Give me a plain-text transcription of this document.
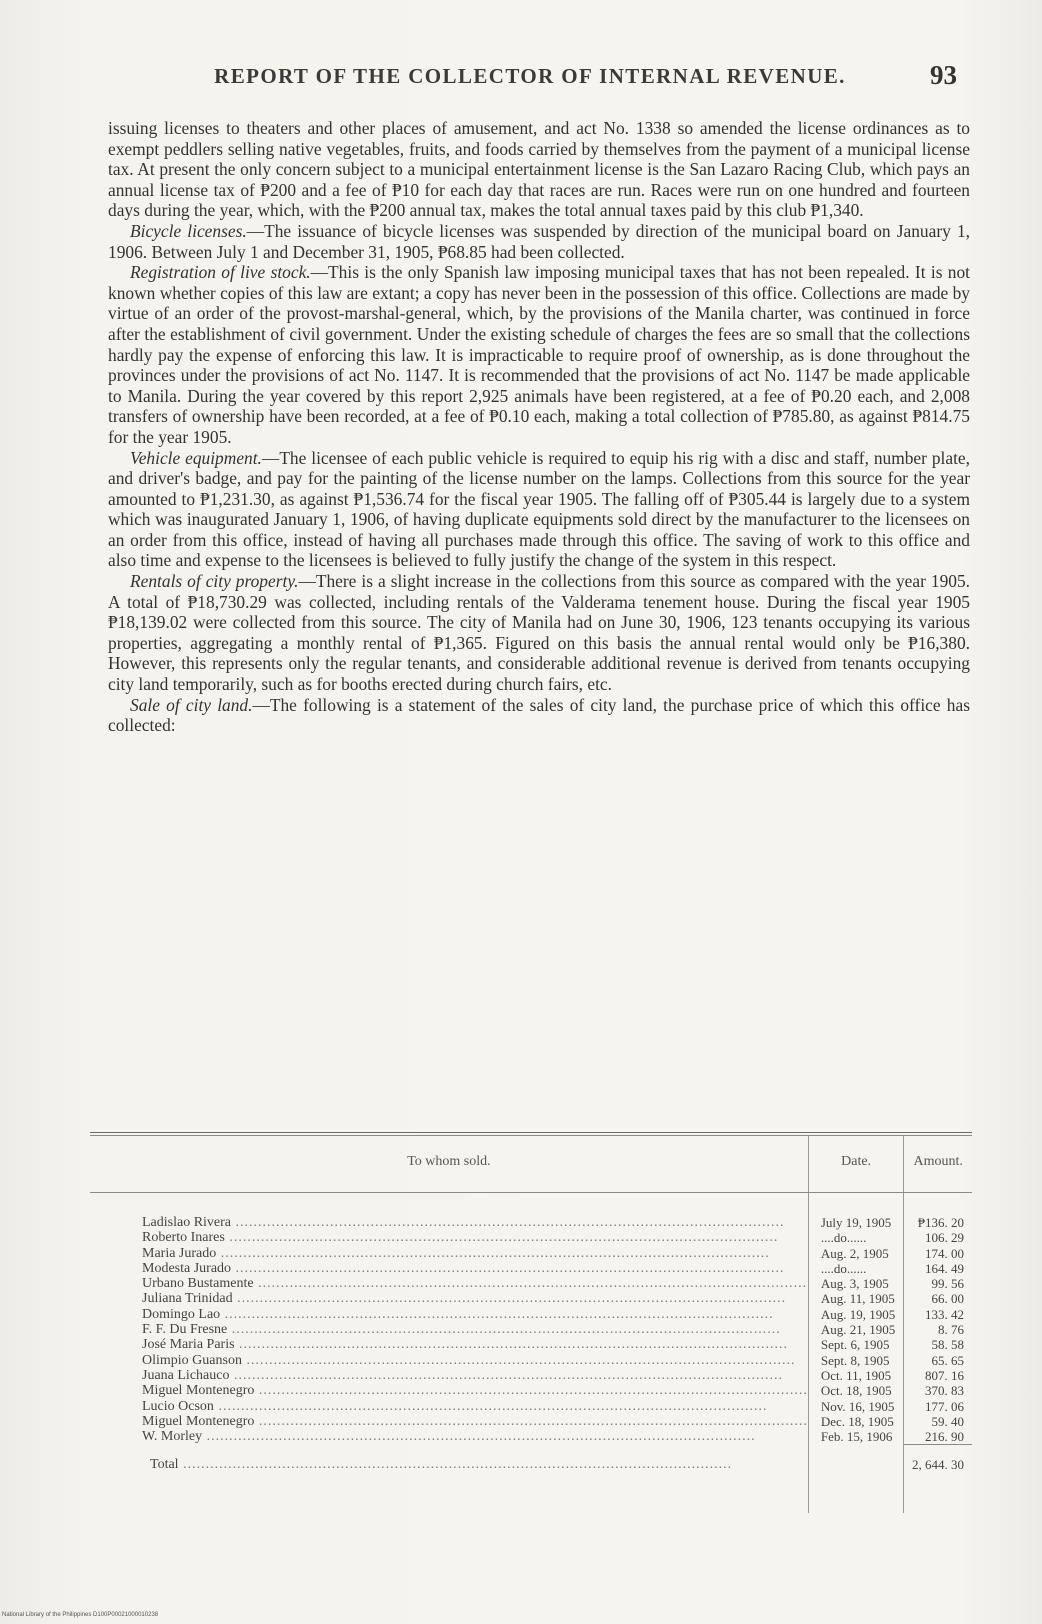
REPORT OF THE COLLECTOR OF INTERNAL REVENUE.	93

issuing licenses to theaters and other places of amusement, and act No. 1338 so amended the license ordinances as to exempt peddlers selling native vegetables, fruits, and foods carried by themselves from the payment of a municipal license tax. At present the only concern subject to a municipal entertainment license is the San Lazaro Racing Club, which pays an annual license tax of ₱200 and a fee of ₱10 for each day that races are run. Races were run on one hundred and fourteen days during the year, which, with the ₱200 annual tax, makes the total annual taxes paid by this club ₱1,340.

Bicycle licenses.—The issuance of bicycle licenses was suspended by direction of the municipal board on January 1, 1906. Between July 1 and December 31, 1905, ₱68.85 had been collected.

Registration of live stock.—This is the only Spanish law imposing municipal taxes that has not been repealed. It is not known whether copies of this law are extant; a copy has never been in the possession of this office. Collections are made by virtue of an order of the provost-marshal-general, which, by the provisions of the Manila charter, was continued in force after the establishment of civil government. Under the existing schedule of charges the fees are so small that the collections hardly pay the expense of enforcing this law. It is impracticable to require proof of ownership, as is done throughout the provinces under the provisions of act No. 1147. It is recommended that the provisions of act No. 1147 be made applicable to Manila. During the year covered by this report 2,925 animals have been registered, at a fee of ₱0.20 each, and 2,008 transfers of ownership have been recorded, at a fee of ₱0.10 each, making a total collection of ₱785.80, as against ₱814.75 for the year 1905.

Vehicle equipment.—The licensee of each public vehicle is required to equip his rig with a disc and staff, number plate, and driver's badge, and pay for the painting of the license number on the lamps. Collections from this source for the year amounted to ₱1,231.30, as against ₱1,536.74 for the fiscal year 1905. The falling off of ₱305.44 is largely due to a system which was inaugurated January 1, 1906, of having duplicate equipments sold direct by the manufacturer to the licensees on an order from this office, instead of having all purchases made through this office. The saving of work to this office and also time and expense to the licensees is believed to fully justify the change of the system in this respect.

Rentals of city property.—There is a slight increase in the collections from this source as compared with the year 1905. A total of ₱18,730.29 was collected, including rentals of the Valderama tenement house. During the fiscal year 1905 ₱18,139.02 were collected from this source. The city of Manila had on June 30, 1906, 123 tenants occupying its various properties, aggregating a monthly rental of ₱1,365. Figured on this basis the annual rental would only be ₱16,380. However, this represents only the regular tenants, and considerable additional revenue is derived from tenants occupying city land temporarily, such as for booths erected during church fairs, etc.

Sale of city land.—The following is a statement of the sales of city land, the purchase price of which this office has collected:

To whom sold.	Date.	Amount.
Ladislao Rivera ..........................................................................................................................	July 19, 1905	₱136. 20
Roberto Inares ..........................................................................................................................	....do......	106. 29
Maria Jurado ..........................................................................................................................	Aug. 2, 1905	174. 00
Modesta Jurado ..........................................................................................................................	....do......	164. 49
Urbano Bustamente ..........................................................................................................................	Aug. 3, 1905	99. 56
Juliana Trinidad ..........................................................................................................................	Aug. 11, 1905	66. 00
Domingo Lao ..........................................................................................................................	Aug. 19, 1905	133. 42
F. F. Du Fresne ..........................................................................................................................	Aug. 21, 1905	8. 76
José Maria Paris ..........................................................................................................................	Sept. 6, 1905	58. 58
Olimpio Guanson ..........................................................................................................................	Sept. 8, 1905	65. 65
Juana Lichauco ..........................................................................................................................	Oct. 11, 1905	807. 16
Miguel Montenegro ..........................................................................................................................	Oct. 18, 1905	370. 83
Lucio Ocson ..........................................................................................................................	Nov. 16, 1905	177. 06
Miguel Montenegro ..........................................................................................................................	Dec. 18, 1905	59. 40
W. Morley ..........................................................................................................................	Feb. 15, 1906	216. 90
Total ..........................................................................................................................		2, 644. 30
National Library of the Philippines D100P00021000010238
